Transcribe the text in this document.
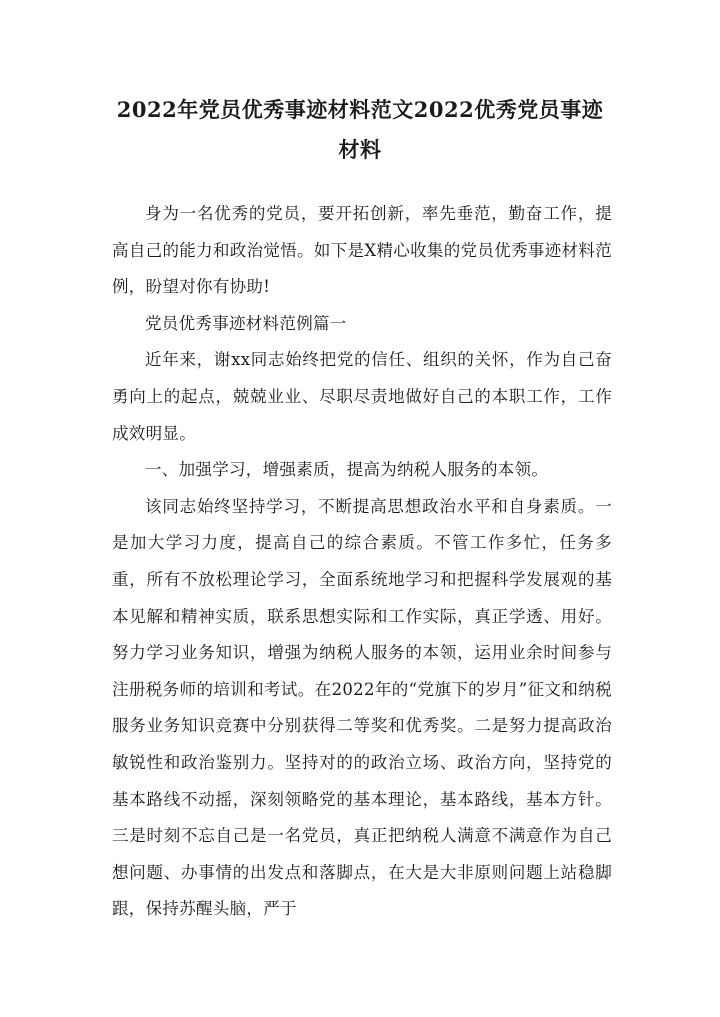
2022年党员优秀事迹材料范文2022优秀党员事迹材料

身为一名优秀的党员，要开拓创新，率先垂范，勤奋工作，提高自己的能力和政治觉悟。如下是X精心收集的党员优秀事迹材料范例，盼望对你有协助!

党员优秀事迹材料范例篇一

近年来，谢xx同志始终把党的信任、组织的关怀，作为自己奋勇向上的起点，兢兢业业、尽职尽责地做好自己的本职工作，工作成效明显。

一、加强学习，增强素质，提高为纳税人服务的本领。

该同志始终坚持学习，不断提高思想政治水平和自身素质。一是加大学习力度，提高自己的综合素质。不管工作多忙，任务多重，所有不放松理论学习，全面系统地学习和把握科学发展观的基本见解和精神实质，联系思想实际和工作实际，真正学透、用好。努力学习业务知识，增强为纳税人服务的本领，运用业余时间参与注册税务师的培训和考试。在2022年的“党旗下的岁月”征文和纳税服务业务知识竞赛中分别获得二等奖和优秀奖。二是努力提高政治敏锐性和政治鉴别力。坚持对的的政治立场、政治方向，坚持党的基本路线不动摇，深刻领略党的基本理论，基本路线，基本方针。三是时刻不忘自己是一名党员，真正把纳税人满意不满意作为自己想问题、办事情的出发点和落脚点，在大是大非原则问题上站稳脚跟，保持苏醒头脑，严于
